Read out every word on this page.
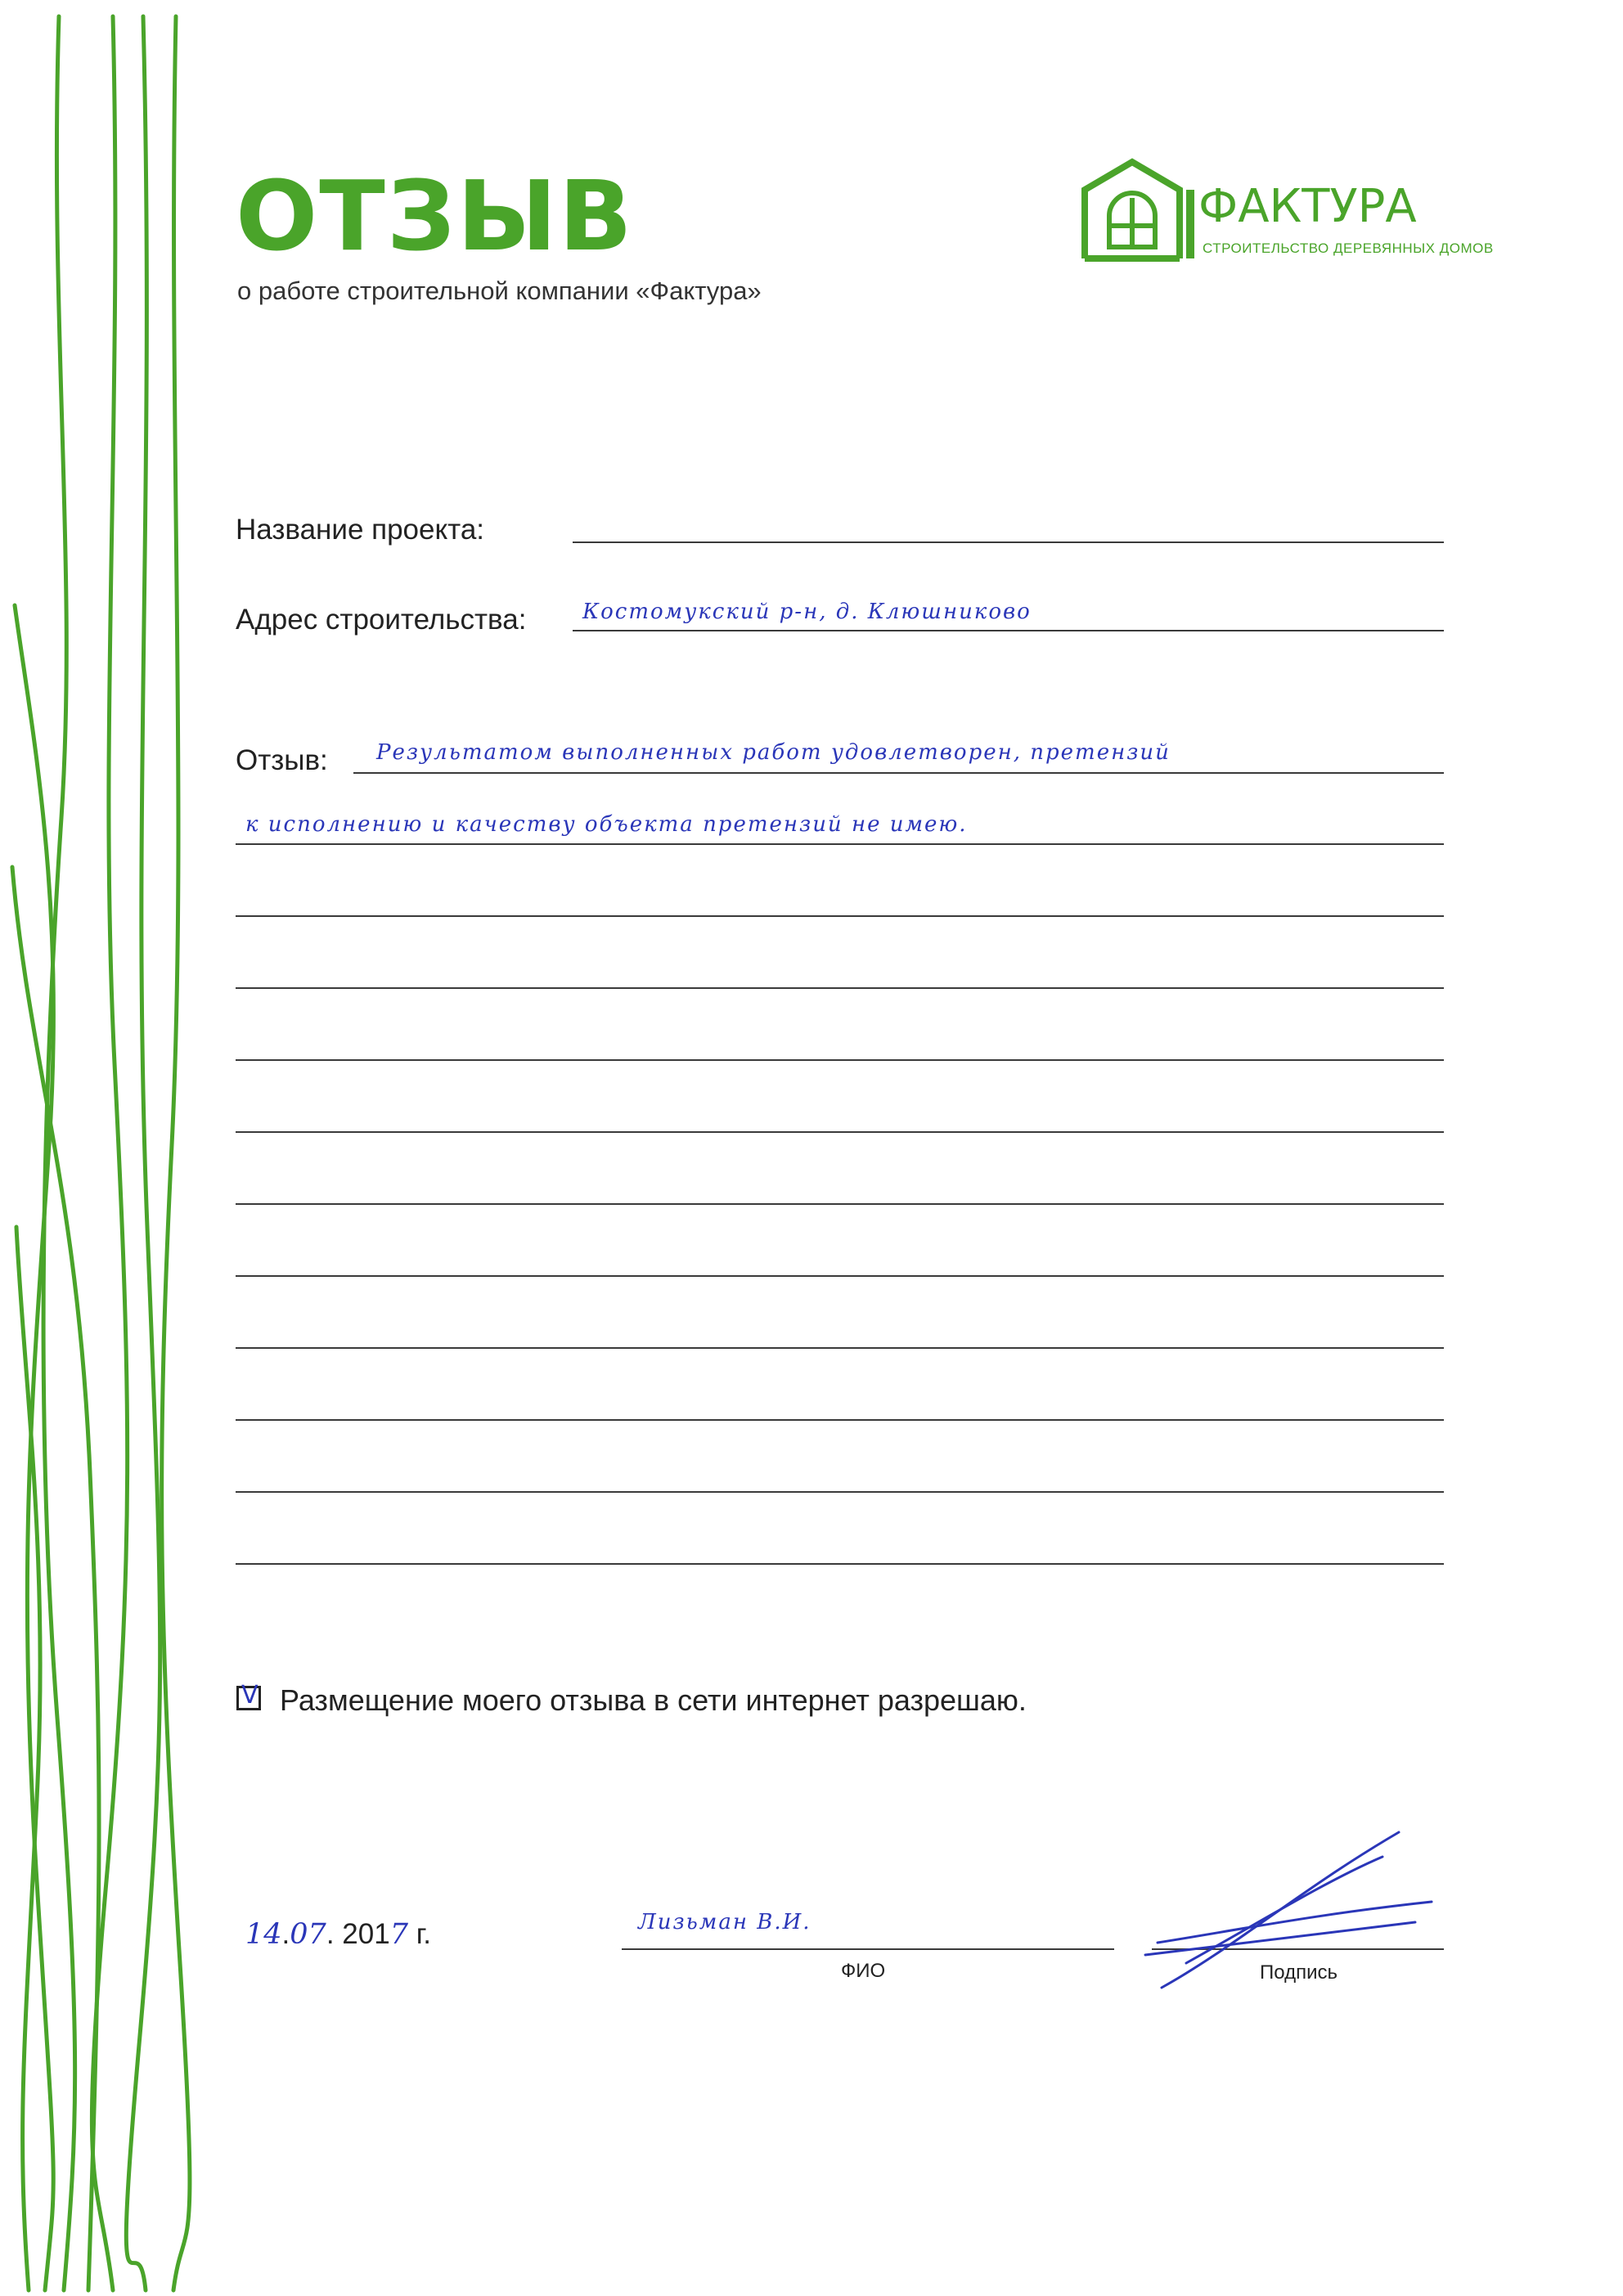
ОТЗЫВ
о работе строительной компании «Фактура»
ФАКТУРА
СТРОИТЕЛЬСТВО ДЕРЕВЯННЫХ ДОМОВ
Название проекта:
Адрес строительства:	Костомукский р-н, д. Клюшниково
Отзыв: Результатом выполненных работ удовлетворен, претензий
к исполнению и качеству объекта претензий не имею.
V Размещение моего отзыва в сети интернет разрешаю.
14.07. 2017 г.	Лизьман В.И.
ФИО	Подпись
